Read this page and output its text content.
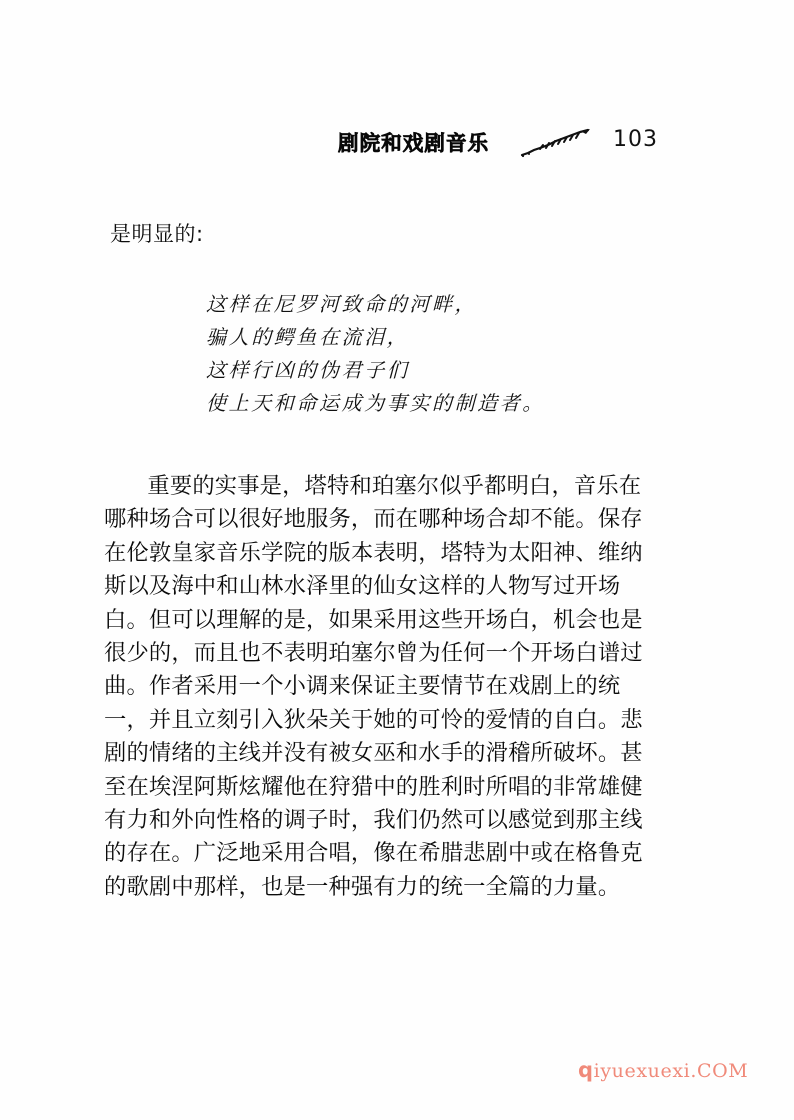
剧院和戏剧音乐	103
是明显的:
这样在尼罗河致命的河畔，
骗人的鳄鱼在流泪，
这样行凶的伪君子们
使上天和命运成为事实的制造者。
重要的实事是，塔特和珀塞尔似乎都明白，音乐在
哪种场合可以很好地服务，而在哪种场合却不能。保存
在伦敦皇家音乐学院的版本表明，塔特为太阳神、维纳
斯以及海中和山林水泽里的仙女这样的人物写过开场
白。但可以理解的是，如果采用这些开场白，机会也是
很少的，而且也不表明珀塞尔曾为任何一个开场白谱过
曲。作者采用一个小调来保证主要情节在戏剧上的统
一，并且立刻引入狄朵关于她的可怜的爱情的自白。悲
剧的情绪的主线并没有被女巫和水手的滑稽所破坏。甚
至在埃涅阿斯炫耀他在狩猎中的胜利时所唱的非常雄健
有力和外向性格的调子时，我们仍然可以感觉到那主线
的存在。广泛地采用合唱，像在希腊悲剧中或在格鲁克
的歌剧中那样，也是一种强有力的统一全篇的力量。
qiyuexuexi.COM
